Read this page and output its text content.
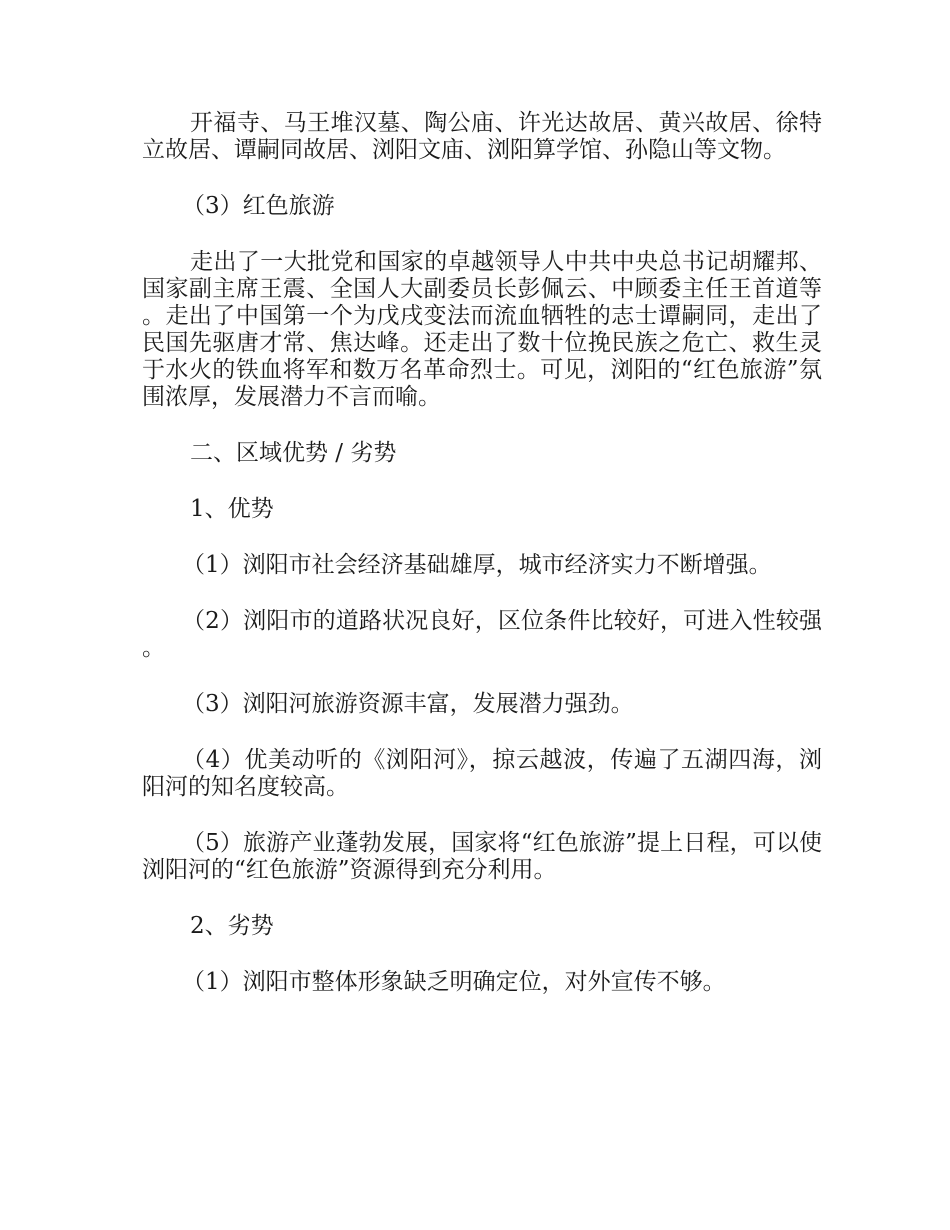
开福寺、马王堆汉墓、陶公庙、许光达故居、黄兴故居、徐特立故居、谭嗣同故居、浏阳文庙、浏阳算学馆、孙隐山等文物。

（3）红色旅游

走出了一大批党和国家的卓越领导人中共中央总书记胡耀邦、国家副主席王震、全国人大副委员长彭佩云、中顾委主任王首道等。走出了中国第一个为戊戌变法而流血牺牲的志士谭嗣同，走出了民国先驱唐才常、焦达峰。还走出了数十位挽民族之危亡、救生灵于水火的铁血将军和数万名革命烈士。可见，浏阳的“红色旅游”氛围浓厚，发展潜力不言而喻。

二、区域优势 / 劣势

1、优势

（1）浏阳市社会经济基础雄厚，城市经济实力不断增强。

（2）浏阳市的道路状况良好，区位条件比较好，可进入性较强。

（3）浏阳河旅游资源丰富，发展潜力强劲。

（4）优美动听的《浏阳河》，掠云越波，传遍了五湖四海，浏阳河的知名度较高。

（5）旅游产业蓬勃发展，国家将“红色旅游”提上日程，可以使浏阳河的“红色旅游”资源得到充分利用。

2、劣势

（1）浏阳市整体形象缺乏明确定位，对外宣传不够。
